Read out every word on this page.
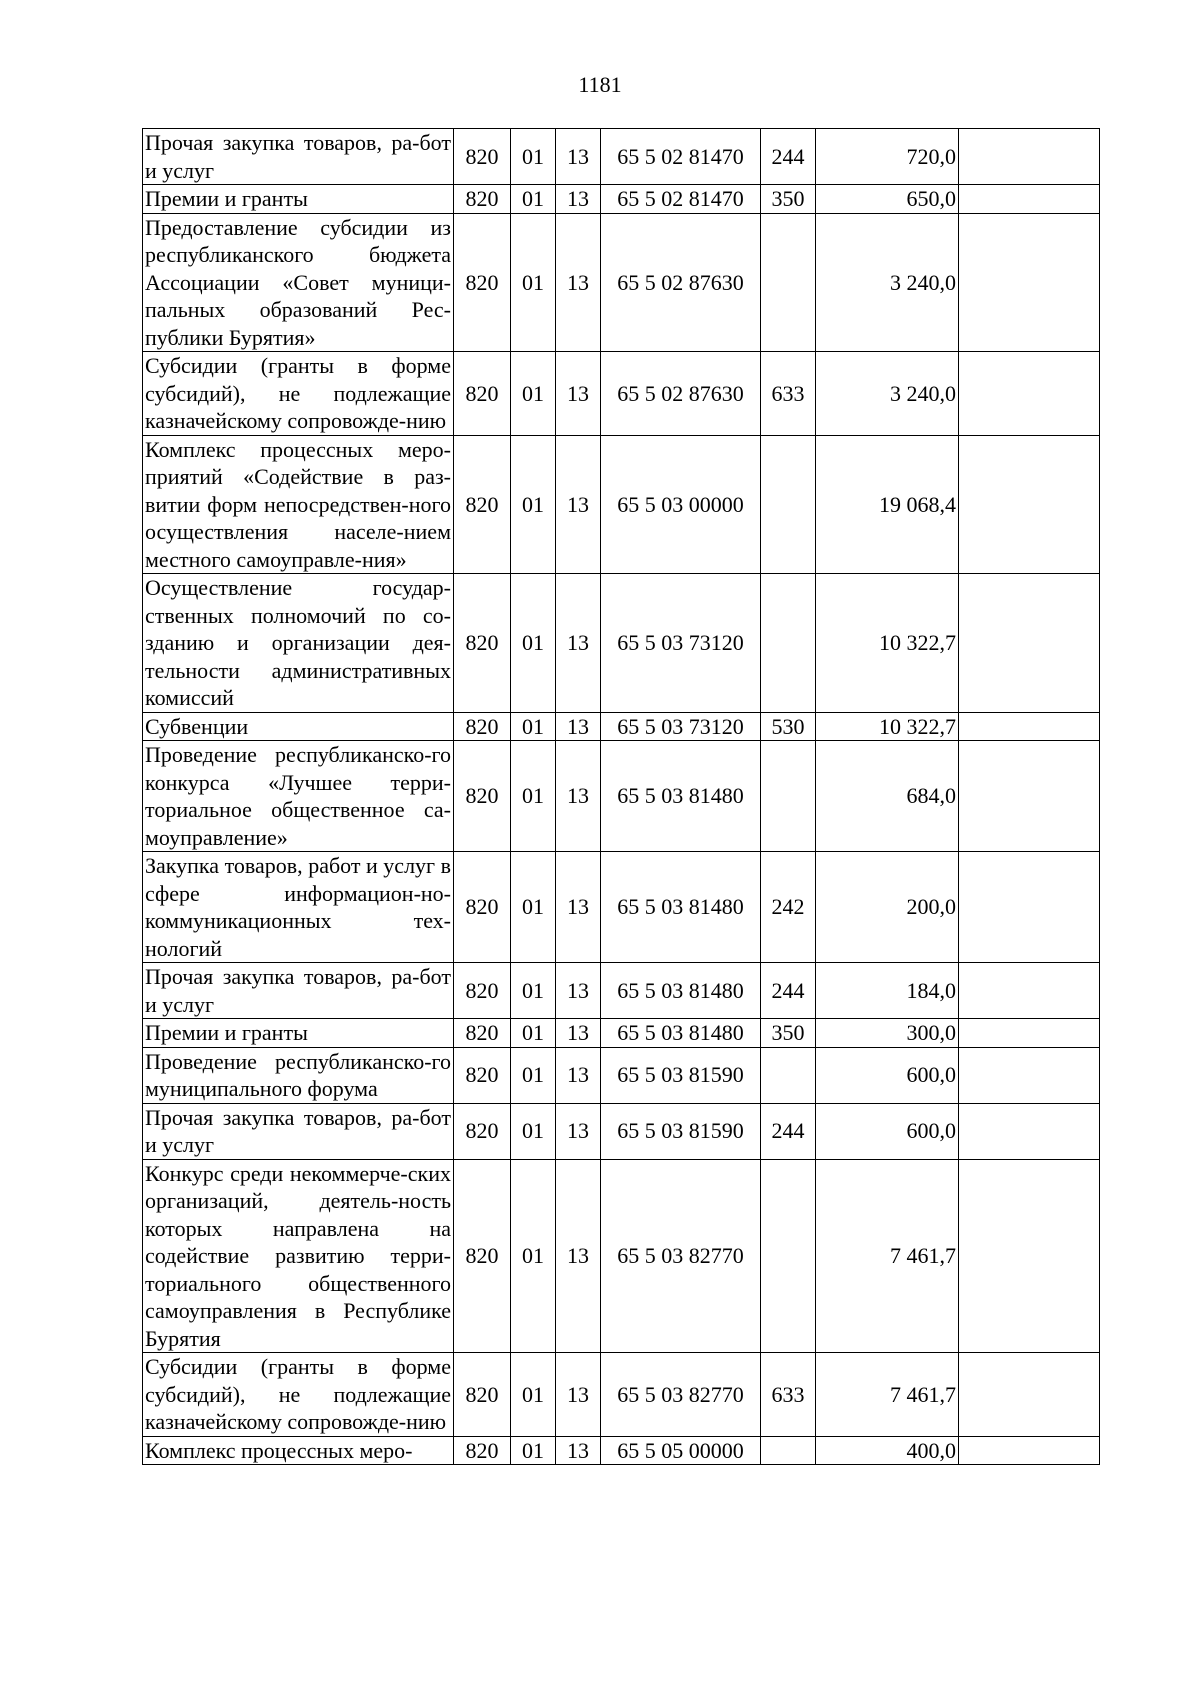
1181
Прочая закупка товаров, ра-бот и услуг	820	01	13	65 5 02 81470	244	720,0	
Премии и гранты	820	01	13	65 5 02 81470	350	650,0	
Предоставление субсидии из республиканского бюджета Ассоциации «Совет муници-пальных образований Рес-публики Бурятия»	820	01	13	65 5 02 87630		3 240,0	
Субсидии (гранты в форме субсидий), не подлежащие казначейскому сопровожде-нию	820	01	13	65 5 02 87630	633	3 240,0	
Комплекс процессных меро-приятий «Содействие в раз-витии форм непосредствен-ного осуществления населе-нием местного самоуправле-ния»	820	01	13	65 5 03 00000		19 068,4	
Осуществление государ-ственных полномочий по со-зданию и организации дея-тельности административных комиссий	820	01	13	65 5 03 73120		10 322,7	
Субвенции	820	01	13	65 5 03 73120	530	10 322,7	
Проведение республиканско-го конкурса «Лучшее терри-ториальное общественное са-моуправление»	820	01	13	65 5 03 81480		684,0	
Закупка товаров, работ и услуг в сфере информацион-но-коммуникационных тех-нологий	820	01	13	65 5 03 81480	242	200,0	
Прочая закупка товаров, ра-бот и услуг	820	01	13	65 5 03 81480	244	184,0	
Премии и гранты	820	01	13	65 5 03 81480	350	300,0	
Проведение республиканско-го муниципального форума	820	01	13	65 5 03 81590		600,0	
Прочая закупка товаров, ра-бот и услуг	820	01	13	65 5 03 81590	244	600,0	
Конкурс среди некоммерче-ских организаций, деятель-ность которых направлена на содействие развитию терри-ториального общественного самоуправления в Республике Бурятия	820	01	13	65 5 03 82770		7 461,7	
Субсидии (гранты в форме субсидий), не подлежащие казначейскому сопровожде-нию	820	01	13	65 5 03 82770	633	7 461,7	
Комплекс процессных меро-	820	01	13	65 5 05 00000		400,0	
